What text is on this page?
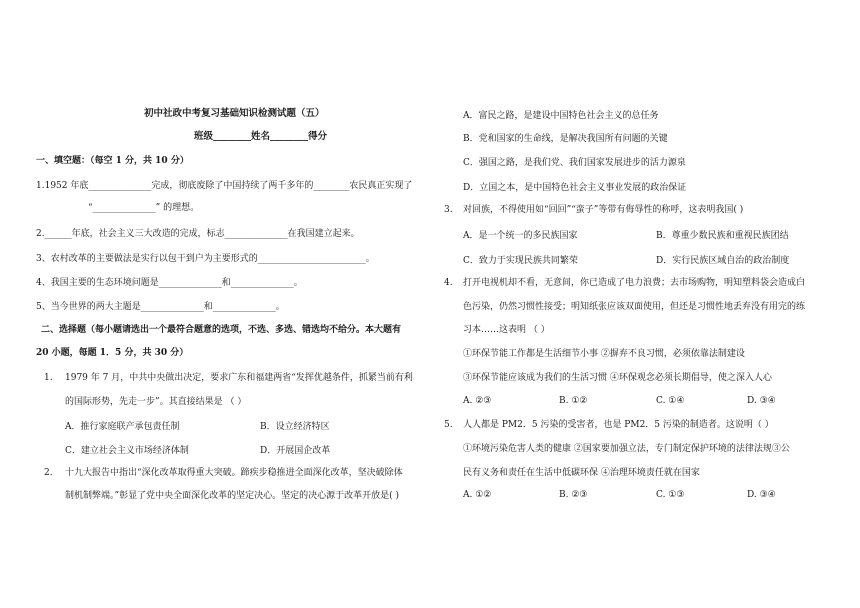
初中社政中考复习基础知识检测试题（五）
班级________姓名________得分
一、填空题：（每空 1 分，共 10 分）
1.1952 年底______________完成，彻底废除了中国持续了两千多年的________农民真正实现了
“______________” 的理想。
2.______年底，社会主义三大改造的完成，标志______________在我国建立起来。
3、农村改革的主要做法是实行以包干到户为主要形式的________________________。
4、我国主要的生态环境问题是______________和______________。
5、当今世界的两大主题是______________和______________。
二、选择题（每小题请选出一个最符合题意的选项，不选、多选、错选均不给分。本大题有
20 小题，每题 1．5 分，共 30 分）
1. 1979 年 7 月，中共中央做出决定，要求广东和福建两省“发挥优越条件，抓紧当前有利
的国际形势，先走一步”。其直接结果是 （ ）
A．推行家庭联产承包责任制	B．设立经济特区
C．建立社会主义市场经济体制	D．开展国企改革
2. 十九大报告中指出“深化改革取得重大突破。蹄疾步稳推进全面深化改革，坚决破除体
制机制弊端。”彰显了党中央全面深化改革的坚定决心。坚定的决心源于改革开放是( )
A．富民之路，是建设中国特色社会主义的总任务
B．党和国家的生命线，是解决我国所有问题的关键
C．强国之路，是我们党、我们国家发展进步的活力源泉
D．立国之本，是中国特色社会主义事业发展的政治保证
3. 对回族，不得使用如“回回”“蛮子”等带有侮辱性的称呼，这表明我国( )
A．是一个统一的多民族国家	B．尊重少数民族和重视民族团结
C．致力于实现民族共同繁荣	D．实行民族区域自治的政治制度
4. 打开电视机却不看，无意间，你已造成了电力浪费；去市场购物，明知塑料袋会造成白
色污染，仍然习惯性接受；明知纸张应该双面使用，但还是习惯性地丢弃没有用完的练
习本……这表明 （ ）
①环保节能工作都是生活细节小事 ②摒弃不良习惯，必须依靠法制建设
③环保节能应该成为我们的生活习惯 ④环保观念必须长期倡导，使之深入人心
A. ②③	B. ①②	C. ①④	D. ③④
5. 人人都是 PM2．5 污染的受害者，也是 PM2．5 污染的制造者。这说明（ ）
①环境污染危害人类的健康 ②国家要加强立法，专门制定保护环境的法律法规③公
民有义务和责任在生活中低碳环保 ④治理环境责任就在国家
A. ①②	B. ②③	C. ①③	D. ③④
